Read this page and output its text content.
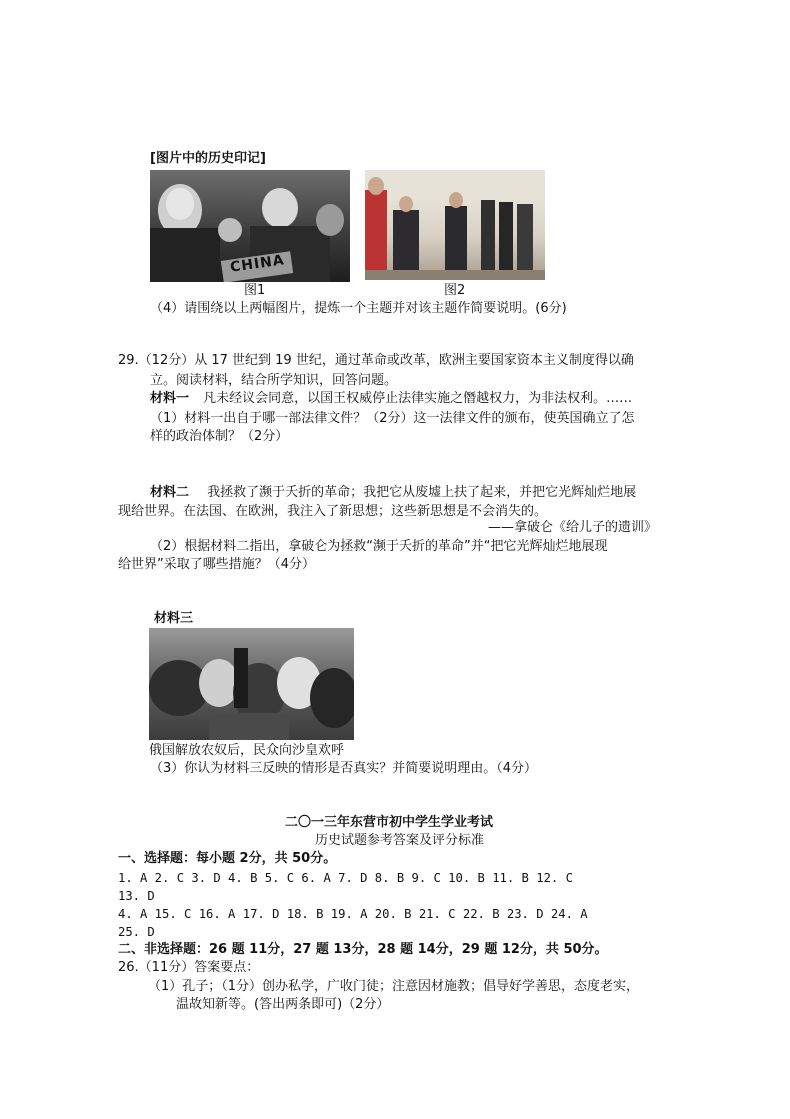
[图片中的历史印记]
CHINA
图1	图2
（4）请围绕以上两幅图片，提炼一个主题并对该主题作简要说明。(6分)
29.（12分）从 17 世纪到 19 世纪，通过革命或改革，欧洲主要国家资本主义制度得以确
立。阅读材料，结合所学知识，回答问题。
材料一 凡未经议会同意，以国王权威停止法律实施之僭越权力，为非法权利。……
（1）材料一出自于哪一部法律文件？（2分）这一法律文件的颁布，使英国确立了怎
样的政治体制？（2分）
材料二 我拯救了濒于夭折的革命；我把它从废墟上扶了起来，并把它光辉灿烂地展
现给世界。在法国、在欧洲，我注入了新思想；这些新思想是不会消失的。
——拿破仑《给儿子的遗训》
（2）根据材料二指出，拿破仑为拯救“濒于夭折的革命”并“把它光辉灿烂地展现
给世界”采取了哪些措施？（4分）
材料三
俄国解放农奴后，民众向沙皇欢呼
（3）你认为材料三反映的情形是否真实？并简要说明理由。（4分）
二〇一三年东营市初中学生学业考试
历史试题参考答案及评分标准
一、选择题：每小题 2分，共 50分。
1. A 2. C 3. D 4. B 5. C 6. A 7. D 8. B 9. C 10. B 11. B 12. C
13. D
4. A 15. C 16. A 17. D 18. B 19. A 20. B 21. C 22. B 23. D 24. A
25. D
二、非选择题：26 题 11分，27 题 13分，28 题 14分，29 题 12分，共 50分。
26.（11分）答案要点：
（1）孔子；（1分）创办私学，广收门徒；注意因材施教；倡导好学善思，态度老实，
温故知新等。(答出两条即可)（2分）
